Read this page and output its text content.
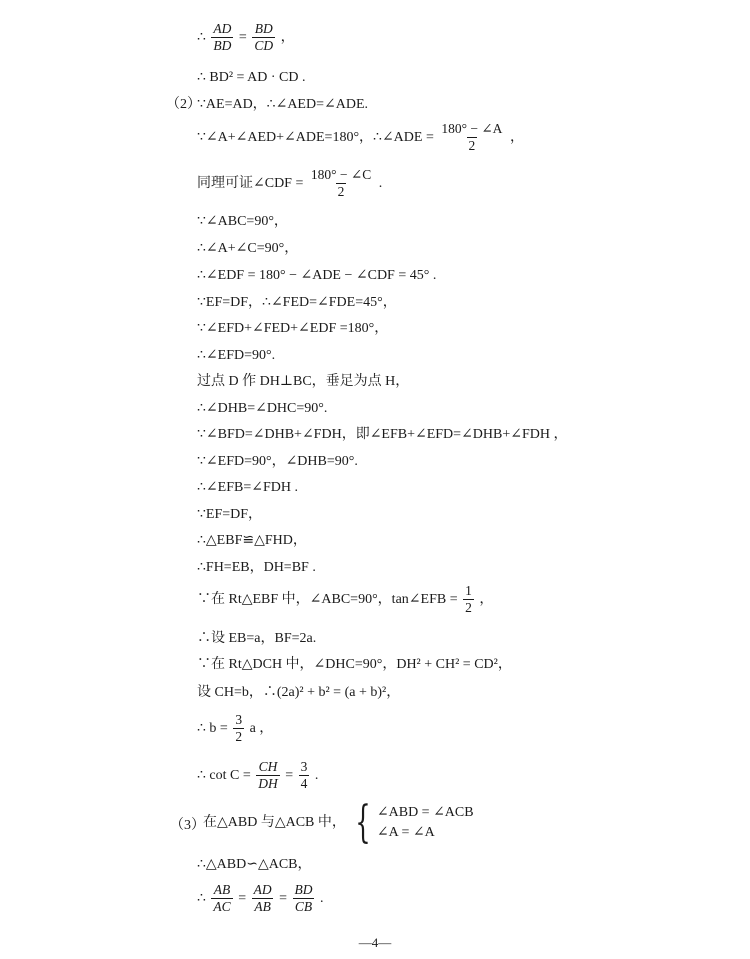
∴ $\frac{AD}{BD} = \frac{BD}{CD}$ ，
∴ BD² = AD · CD .
（2）
∵AE=AD，∴∠AED=∠ADE.
∵∠A+∠AED+∠ADE=180°，∴∠ADE = $\frac{180^\circ - \angle A}{2}$ ，
同理可证∠CDF = $\frac{180^\circ - \angle C}{2}$ .
∵∠ABC=90°，
∴∠A+∠C=90°，
∴∠EDF = 180° − ∠ADE − ∠CDF = 45° .
∵EF=DF，∴∠FED=∠FDE=45°，
∵∠EFD+∠FED+∠EDF =180°，
∴∠EFD=90°.
过点 D 作 DH⊥BC，垂足为点 H，
∴∠DHB=∠DHC=90°.
∵∠BFD=∠DHB+∠FDH，即∠EFB+∠EFD=∠DHB+∠FDH ，
∵∠EFD=90°，∠DHB=90°.
∴∠EFB=∠FDH .
∵EF=DF，
∴△EBF≌△FHD，
∴FH=EB，DH=BF .
∵在 Rt△EBF 中，∠ABC=90°，tan∠EFB = $\frac{1}{2}$ ，
∴设 EB=a，BF=2a.
∵在 Rt△DCH 中，∠DHC=90°，DH² + CH² = CD²，
设 CH=b，∴(2a)² + b² = (a + b)²，
∴ $b = \frac{3}{2}$ a ，
∴ $\cot C = \frac{CH}{DH} = \frac{3}{4}$ .
（3）
在△ABD 与△ACB 中， { ∠ABD = ∠ACB
∠A = ∠A
∴△ABD∽△ACB，
∴ $\frac{AB}{AC} = \frac{AD}{AB} = \frac{BD}{CB}$ .
—4—
